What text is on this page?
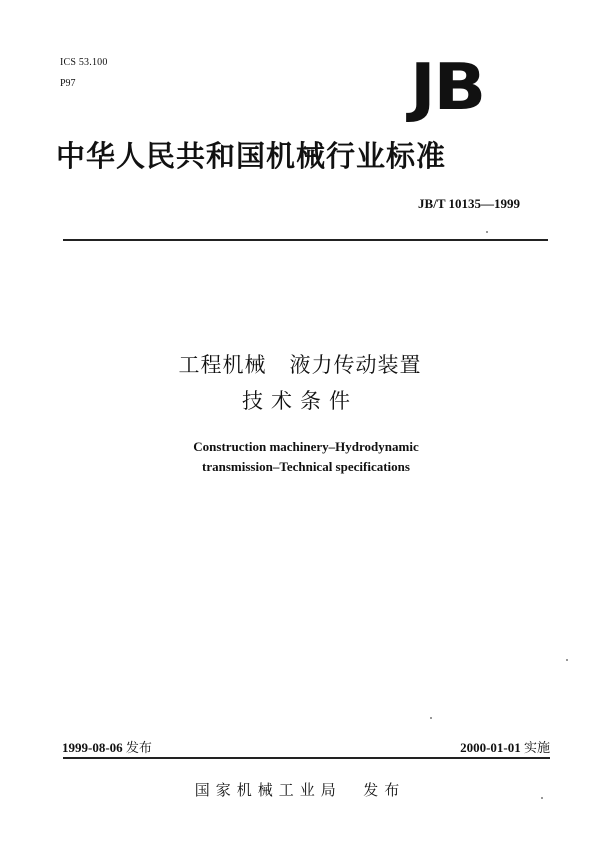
ICS 53.100
P97	JB
中华人民共和国机械行业标准
JB/T 10135—1999
工程机械   液力传动装置
技术条件
Construction machinery–Hydrodynamic
transmission–Technical specifications
1999-08-06 发布	2000-01-01 实施
国家机械工业局  发布
